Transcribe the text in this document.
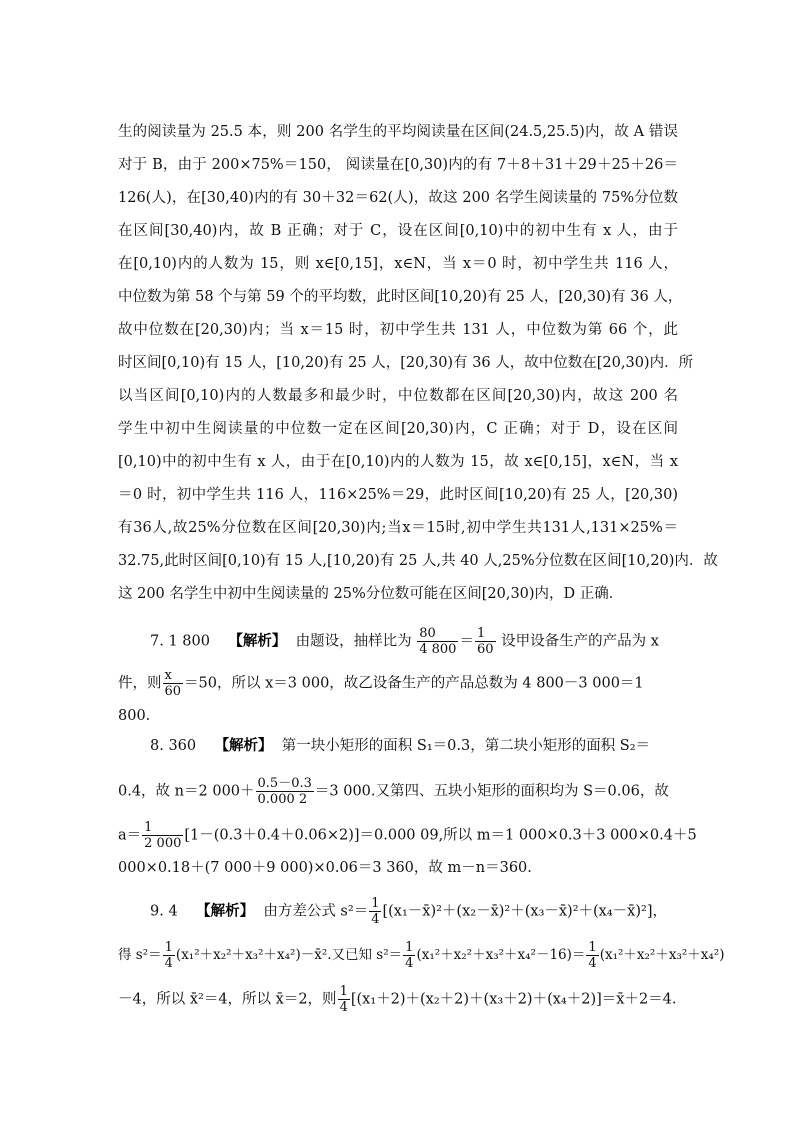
生的阅读量为 25.5 本，则 200 名学生的平均阅读量在区间(24.5,25.5)内，故 A 错误
对于 B，由于 200×75%＝150， 阅读量在[0,30)内的有 7＋8＋31＋29＋25＋26＝
126(人)，在[30,40)内的有 30＋32＝62(人)，故这 200 名学生阅读量的 75%分位数
在区间[30,40)内，故 B 正确；对于 C，设在区间[0,10)中的初中生有 x 人，由于
在[0,10)内的人数为 15，则 x∈[0,15]，x∈N，当 x＝0 时，初中学生共 116 人，
中位数为第 58 个与第 59 个的平均数，此时区间[10,20)有 25 人，[20,30)有 36 人，
故中位数在[20,30)内；当 x＝15 时，初中学生共 131 人，中位数为第 66 个，此
时区间[0,10)有 15 人，[10,20)有 25 人，[20,30)有 36 人，故中位数在[20,30)内．所
以当区间[0,10)内的人数最多和最少时，中位数都在区间[20,30)内，故这 200 名
学生中初中生阅读量的中位数一定在区间[20,30)内，C 正确；对于 D，设在区间
[0,10)中的初中生有 x 人，由于在[0,10)内的人数为 15，故 x∈[0,15]，x∈N，当 x
＝0 时，初中学生共 116 人，116×25%＝29，此时区间[10,20)有 25 人，[20,30)
有36人,故25%分位数在区间[20,30)内;当x＝15时,初中学生共131人,131×25%＝
32.75,此时区间[0,10)有 15 人,[10,20)有 25 人,共 40 人,25%分位数在区间[10,20)内．故
这 200 名学生中初中生阅读量的 25%分位数可能在区间[20,30)内，D 正确．
7. 1 800 【解析】 由题设，抽样比为 $\frac{80}{4 800} = \frac{1}{60}$ 设甲设备生产的产品为 x
件，则 $\frac{x}{60} =50$，所以 x＝3 000，故乙设备生产的产品总数为 4 800－3 000＝1
800.
8. 360 【解析】 第一块小矩形的面积 S₁＝0.3，第二块小矩形的面积 S₂＝
0.4，故 n＝2 $000+ \frac{0.5-0.3}{0.000 2} =3$ 000.又第四、五块小矩形的面积均为 S＝0.06，故
$a= \frac{1}{2 000} [1-(0.3+0.4+0.06\times 2)]=0.000$ 09,所以 m＝1 000×0.3＋3 000×0.4＋5
000×0.18＋(7 000＋9 000)×0.06＝3 360，故 m－n＝360.
9. 4 【解析】 由方差公式 $s^2= \frac{1}{4}$ [(x₁－x̄)²＋(x₂－x̄)²＋(x₃－x̄)²＋(x₄－x̄)²]，
得 $s^2= \frac{1}{4}$ (x₁²＋x₂²＋x₃²＋x₄²)－x̄².又已知 $s^2= \frac{1}{4} (x_1^2+x_2^2+x_3^2+x_4^2-16)= \frac{1}{4} (x_1^2+x_2^2+x_3^2+x_4^2)$
－4，所以 x̄²＝4，所以 x̄＝2，则 $\frac{1}{4}$ [(x₁＋2)＋(x₂＋2)＋(x₃＋2)＋(x₄＋2)]＝x̄＋2＝4.
